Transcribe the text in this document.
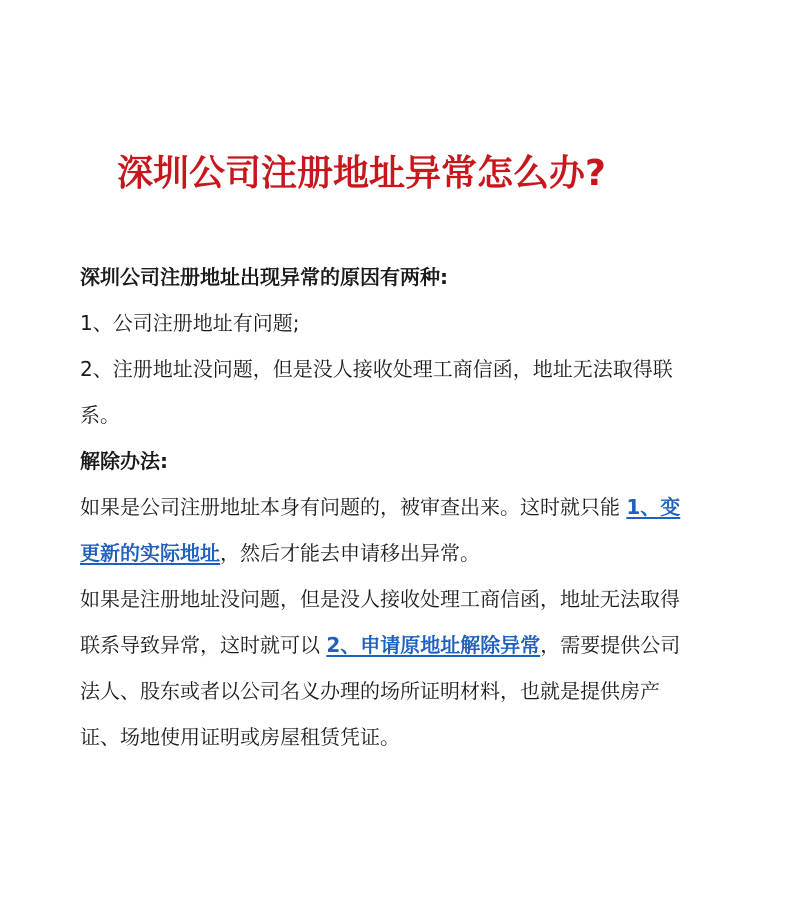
深圳公司注册地址异常怎么办?

深圳公司注册地址出现异常的原因有两种:

1、公司注册地址有问题;

2、注册地址没问题，但是没人接收处理工商信函，地址无法取得联系。

解除办法:

如果是公司注册地址本身有问题的，被审查出来。这时就只能 1、变更新的实际地址，然后才能去申请移出异常。

如果是注册地址没问题，但是没人接收处理工商信函，地址无法取得联系导致异常，这时就可以 2、申请原地址解除异常，需要提供公司法人、股东或者以公司名义办理的场所证明材料，也就是提供房产证、场地使用证明或房屋租赁凭证。
